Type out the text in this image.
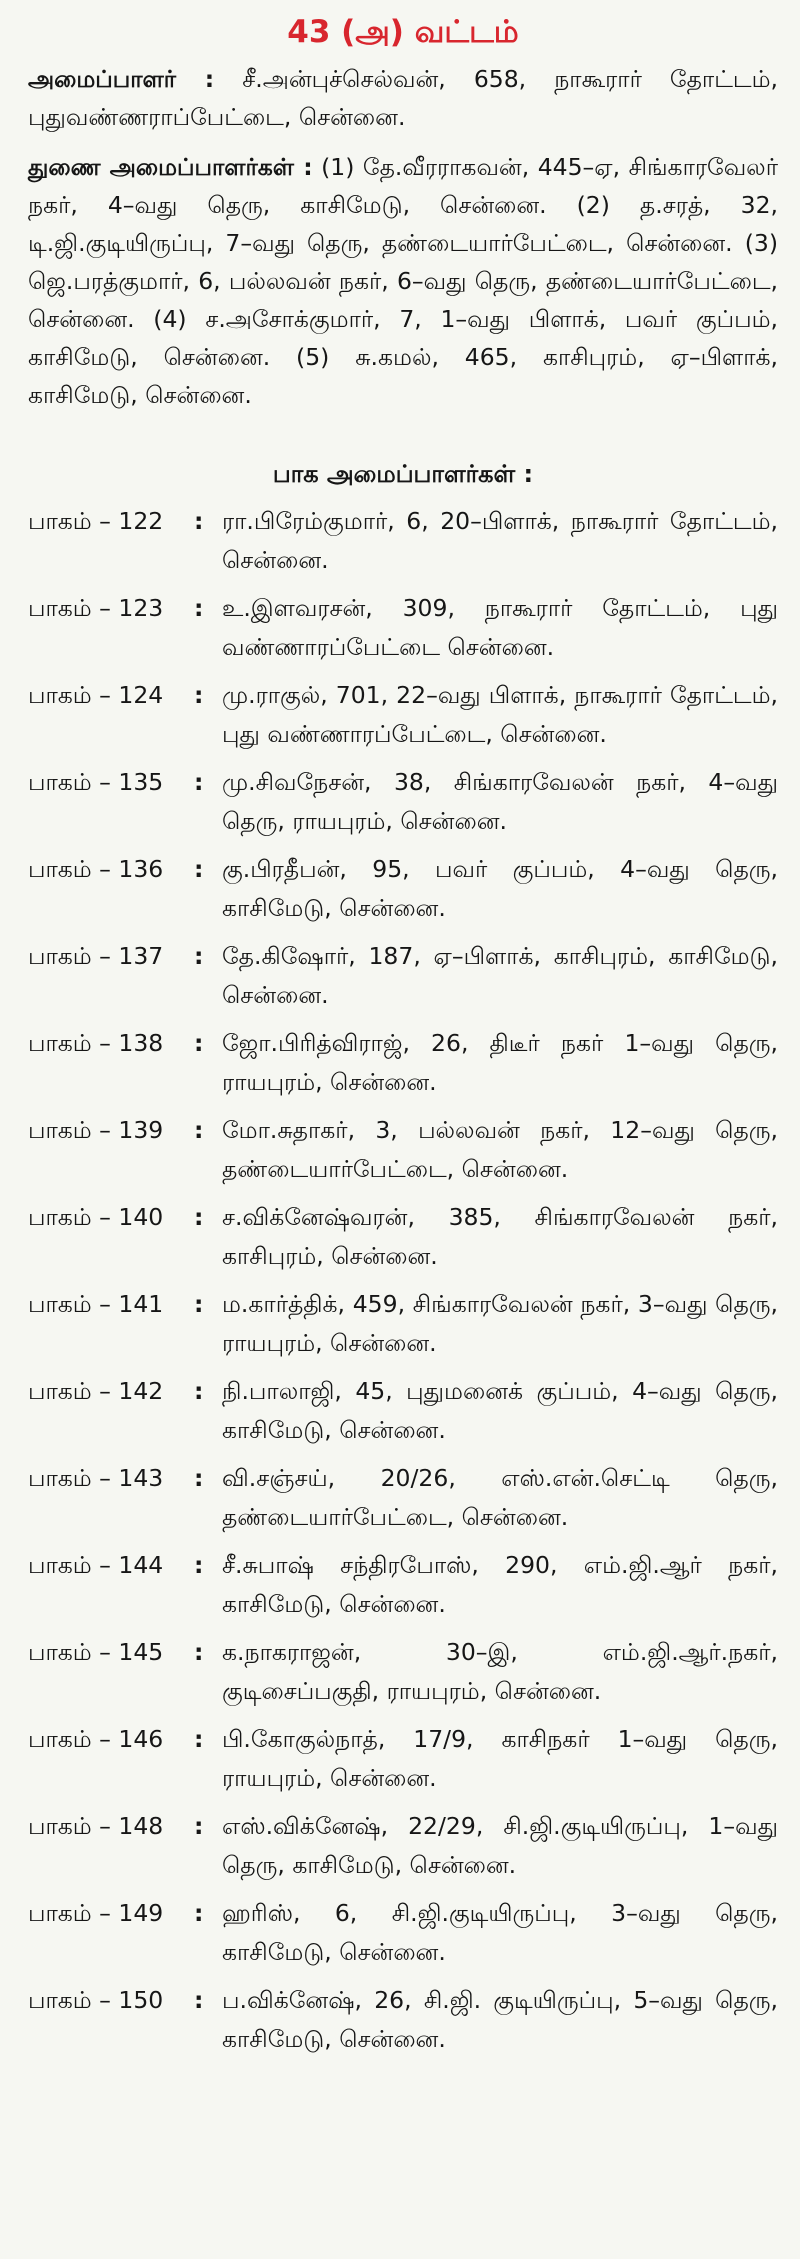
43 (அ) வட்டம்

அமைப்பாளர் : சீ.அன்புச்செல்வன், 658, நாகூரார் தோட்டம், புதுவண்ணராப்பேட்டை, சென்னை.

துணை அமைப்பாளர்கள் : (1) தே.வீரராகவன், 445–ஏ, சிங்காரவேலர் நகர், 4–வது தெரு, காசிமேடு, சென்னை. (2) த.சரத், 32, டி.ஜி.குடியிருப்பு, 7–வது தெரு, தண்டையார்பேட்டை, சென்னை. (3) ஜெ.பரத்குமார், 6, பல்லவன் நகர், 6–வது தெரு, தண்டையார்பேட்டை, சென்னை. (4) ச.அசோக்குமார், 7, 1–வது பிளாக், பவர் குப்பம், காசிமேடு, சென்னை. (5) சு.கமல், 465, காசிபுரம், ஏ–பிளாக், காசிமேடு, சென்னை.

பாக அமைப்பாளர்கள் :
பாகம் – 122	: ரா.பிரேம்குமார், 6, 20–பிளாக், நாகூரார் தோட்டம், சென்னை.
பாகம் – 123	: உ.இளவரசன், 309, நாகூரார் தோட்டம், புது வண்ணாரப்பேட்டை சென்னை.
பாகம் – 124	: மு.ராகுல், 701, 22–வது பிளாக், நாகூரார் தோட்டம், புது வண்ணாரப்பேட்டை, சென்னை.
பாகம் – 135	: மு.சிவநேசன், 38, சிங்காரவேலன் நகர், 4–வது தெரு, ராயபுரம், சென்னை.
பாகம் – 136	: கு.பிரதீபன், 95, பவர் குப்பம், 4–வது தெரு, காசிமேடு, சென்னை.
பாகம் – 137	: தே.கிஷோர், 187, ஏ–பிளாக், காசிபுரம், காசிமேடு, சென்னை.
பாகம் – 138	: ஜோ.பிரித்விராஜ், 26, திடீர் நகர் 1–வது தெரு, ராயபுரம், சென்னை.
பாகம் – 139	: மோ.சுதாகர், 3, பல்லவன் நகர், 12–வது தெரு, தண்டையார்பேட்டை, சென்னை.
பாகம் – 140	: ச.விக்னேஷ்வரன், 385, சிங்காரவேலன் நகர், காசிபுரம், சென்னை.
பாகம் – 141	: ம.கார்த்திக், 459, சிங்காரவேலன் நகர், 3–வது தெரு, ராயபுரம், சென்னை.
பாகம் – 142	: நி.பாலாஜி, 45, புதுமனைக் குப்பம், 4–வது தெரு, காசிமேடு, சென்னை.
பாகம் – 143	: வி.சஞ்சய், 20/26, எஸ்.என்.செட்டி தெரு, தண்டையார்பேட்டை, சென்னை.
பாகம் – 144	: சீ.சுபாஷ் சந்திரபோஸ், 290, எம்.ஜி.ஆர் நகர், காசிமேடு, சென்னை.
பாகம் – 145	: க.நாகராஜன், 30–இ, எம்.ஜி.ஆர்.நகர், குடிசைப்பகுதி, ராயபுரம், சென்னை.
பாகம் – 146	: பி.கோகுல்நாத், 17/9, காசிநகர் 1–வது தெரு, ராயபுரம், சென்னை.
பாகம் – 148	: எஸ்.விக்னேஷ், 22/29, சி.ஜி.குடியிருப்பு, 1–வது தெரு, காசிமேடு, சென்னை.
பாகம் – 149	: ஹரிஸ், 6, சி.ஜி.குடியிருப்பு, 3–வது தெரு, காசிமேடு, சென்னை.
பாகம் – 150	: ப.விக்னேஷ், 26, சி.ஜி. குடியிருப்பு, 5–வது தெரு, காசிமேடு, சென்னை.
